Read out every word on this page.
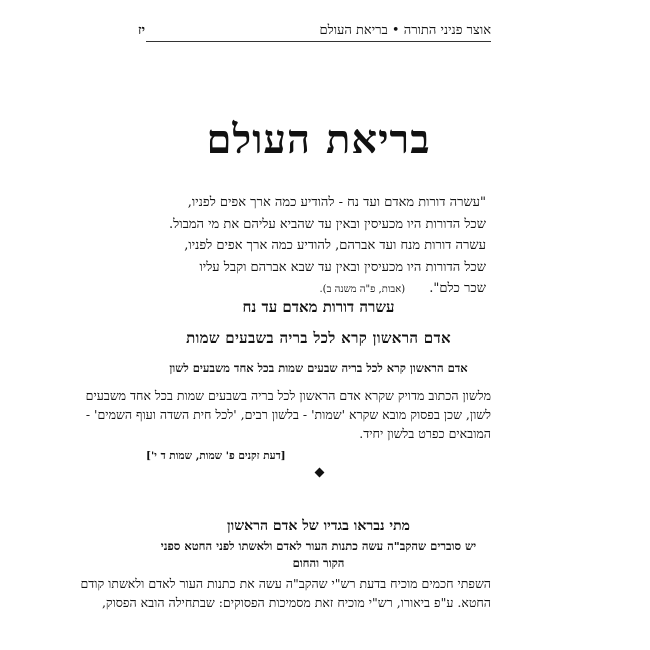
אוצר פניני התורה • בריאת העולם
יז
בריאת העולם
"עשרה דורות מאדם ועד נח - להודיע כמה ארך אפים לפניו,
שכל הדורות היו מכעיסין ובאין עד שהביא עליהם את מי המבול.
עשרה דורות מנח ועד אברהם, להודיע כמה ארך אפים לפניו,
שכל הדורות היו מכעיסין ובאין עד שבא אברהם וקבל עליו
שכר כלם". (אבות, פ"ה משנה ב).
עשרה דורות מאדם עד נח
אדם הראשון קרא לכל בריה בשבעים שמות
אדם הראשון קרא לכל בריה שבעים שמות בכל אחד משבעים לשון
מלשון הכתוב מדויק שקרא אדם הראשון לכל בריה בשבעים שמות בכל אחד משבעים
לשון, שכן בפסוק מובא שקרא 'שמות' - בלשון רבים, 'לכל חית השדה ועוף השמים' -
המובאים כפרט בלשון יחיד.
[דעת זקנים פ' שמות, שמות ד י']
מתי נבראו בגדיו של אדם הראשון
יש סוברים שהקב"ה עשה כתנות העור לאדם ולאשתו לפני החטא ספני
הקור והחום
השפתי חכמים מוכיח בדעת רש"י שהקב"ה עשה את כתנות העור לאדם ולאשתו קודם
החטא. ע"פ ביאורו, רש"י מוכיח זאת מסמיכות הפסוקים: שבתחילה הובא הפסוק,
